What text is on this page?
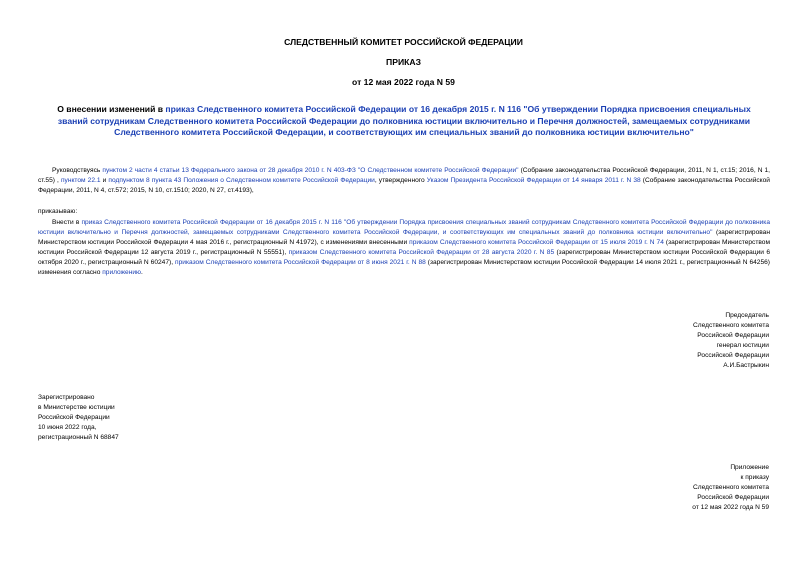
СЛЕДСТВЕННЫЙ КОМИТЕТ РОССИЙСКОЙ ФЕДЕРАЦИИ
ПРИКАЗ
от 12 мая 2022 года N 59
О внесении изменений в приказ Следственного комитета Российской Федерации от 16 декабря 2015 г. N 116 "Об утверждении Порядка присвоения специальных званий сотрудникам Следственного комитета Российской Федерации до полковника юстиции включительно и Перечня должностей, замещаемых сотрудниками Следственного комитета Российской Федерации, и соответствующих им специальных званий до полковника юстиции включительно"
Руководствуясь пунктом 2 части 4 статьи 13 Федерального закона от 28 декабря 2010 г. N 403-ФЗ "О Следственном комитете Российской Федерации" (Собрание законодательства Российской Федерации, 2011, N 1, ст.15; 2016, N 1, ст.55) , пунктом 22.1 и подпунктом 8 пункта 43 Положения о Следственном комитете Российской Федерации, утвержденного Указом Президента Российской Федерации от 14 января 2011 г. N 38 (Собрание законодательства Российской Федерации, 2011, N 4, ст.572; 2015, N 10, ст.1510; 2020, N 27, ст.4193),
приказываю:
Внести в приказ Следственного комитета Российской Федерации от 16 декабря 2015 г. N 116 "Об утверждении Порядка присвоения специальных званий сотрудникам Следственного комитета Российской Федерации до полковника юстиции включительно и Перечня должностей, замещаемых сотрудниками Следственного комитета Российской Федерации, и соответствующих им специальных званий до полковника юстиции включительно" (зарегистрирован Министерством юстиции Российской Федерации 4 мая 2016 г., регистрационный N 41972), с изменениями внесенными приказом Следственного комитета Российской Федерации от 15 июля 2019 г. N 74 (зарегистрирован Министерством юстиции Российской Федерации 12 августа 2019 г., регистрационный N 55551), приказом Следственного комитета Российской Федерации от 28 августа 2020 г. N 85 (зарегистрирован Министерством юстиции Российской Федерации 6 октября 2020 г., регистрационный N 60247), приказом Следственного комитета Российской Федерации от 8 июня 2021 г. N 88 (зарегистрирован Министерством юстиции Российской Федерации 14 июля 2021 г., регистрационный N 64256) изменения согласно приложению.
Председатель
Следственного комитета
Российской Федерации
генерал юстиции
Российской Федерации
А.И.Бастрыкин
Зарегистрировано
в Министерстве юстиции
Российской Федерации
10 июня 2022 года,
регистрационный N 68847
Приложение
к приказу
Следственного комитета
Российской Федерации
от 12 мая 2022 года N 59
